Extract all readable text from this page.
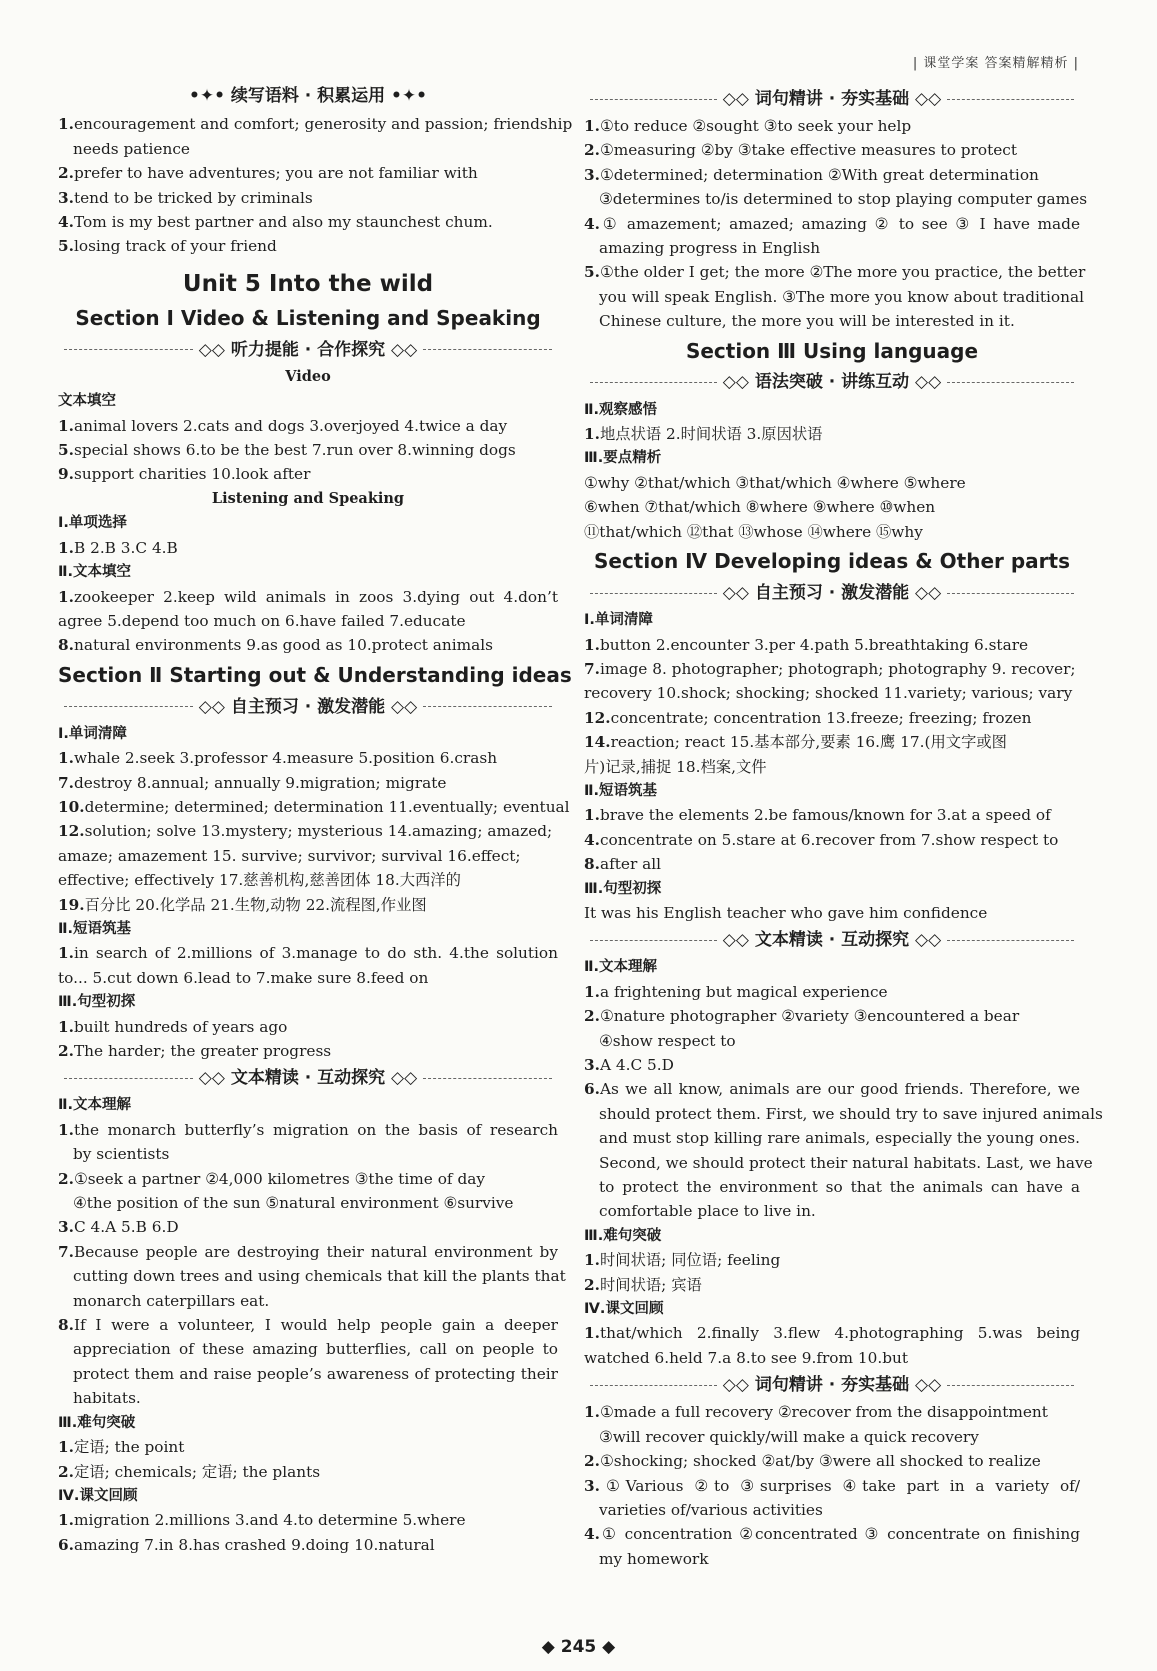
| 课堂学案 答案精解精析 |
•✦• 续写语料 · 积累运用 •✦•
1.encouragement and comfort; generosity and passion; friendship
needs patience
2.prefer to have adventures; you are not familiar with
3.tend to be tricked by criminals
4.Tom is my best partner and also my staunchest chum.
5.losing track of your friend
Unit 5 Into the wild
Section Ⅰ Video & Listening and Speaking
◇◇ 听力提能 · 合作探究 ◇◇
Video
文本填空
1.animal lovers 2.cats and dogs 3.overjoyed 4.twice a day
5.special shows 6.to be the best 7.run over 8.winning dogs
9.support charities 10.look after
Listening and Speaking
Ⅰ.单项选择
1.B 2.B 3.C 4.B
Ⅱ.文本填空
1.zookeeper 2.keep wild animals in zoos 3.dying out 4.don’t
agree 5.depend too much on 6.have failed 7.educate
8.natural environments 9.as good as 10.protect animals
Section Ⅱ Starting out & Understanding ideas
◇◇ 自主预习 · 激发潜能 ◇◇
Ⅰ.单词清障
1.whale 2.seek 3.professor 4.measure 5.position 6.crash
7.destroy 8.annual; annually 9.migration; migrate
10.determine; determined; determination 11.eventually; eventual
12.solution; solve 13.mystery; mysterious 14.amazing; amazed;
amaze; amazement 15. survive; survivor; survival 16.effect;
effective; effectively 17.慈善机构,慈善团体 18.大西洋的
19.百分比 20.化学品 21.生物,动物 22.流程图,作业图
Ⅱ.短语筑基
1.in search of 2.millions of 3.manage to do sth. 4.the solution
to... 5.cut down 6.lead to 7.make sure 8.feed on
Ⅲ.句型初探
1.built hundreds of years ago
2.The harder; the greater progress
◇◇ 文本精读 · 互动探究 ◇◇
Ⅱ.文本理解
1.the monarch butterfly’s migration on the basis of research
by scientists
2.①seek a partner ②4,000 kilometres ③the time of day
④the position of the sun ⑤natural environment ⑥survive
3.C 4.A 5.B 6.D
7.Because people are destroying their natural environment by
cutting down trees and using chemicals that kill the plants that
monarch caterpillars eat.
8.If I were a volunteer, I would help people gain a deeper
appreciation of these amazing butterflies, call on people to
protect them and raise people’s awareness of protecting their
habitats.
Ⅲ.难句突破
1.定语; the point
2.定语; chemicals; 定语; the plants
Ⅳ.课文回顾
1.migration 2.millions 3.and 4.to determine 5.where
6.amazing 7.in 8.has crashed 9.doing 10.natural
◇◇ 词句精讲 · 夯实基础 ◇◇
1.①to reduce ②sought ③to seek your help
2.①measuring ②by ③take effective measures to protect
3.①determined; determination ②With great determination
③determines to/is determined to stop playing computer games
4.① amazement; amazed; amazing ② to see ③ I have made
amazing progress in English
5.①the older I get; the more ②The more you practice, the better
you will speak English. ③The more you know about traditional
Chinese culture, the more you will be interested in it.
Section Ⅲ Using language
◇◇ 语法突破 · 讲练互动 ◇◇
Ⅱ.观察感悟
1.地点状语 2.时间状语 3.原因状语
Ⅲ.要点精析
①why ②that/which ③that/which ④where ⑤where
⑥when ⑦that/which ⑧where ⑨where ⑩when
⑪that/which ⑫that ⑬whose ⑭where ⑮why
Section Ⅳ Developing ideas & Other parts
◇◇ 自主预习 · 激发潜能 ◇◇
Ⅰ.单词清障
1.button 2.encounter 3.per 4.path 5.breathtaking 6.stare
7.image 8. photographer; photograph; photography 9. recover;
recovery 10.shock; shocking; shocked 11.variety; various; vary
12.concentrate; concentration 13.freeze; freezing; frozen
14.reaction; react 15.基本部分,要素 16.鹰 17.(用文字或图
片)记录,捕捉 18.档案,文件
Ⅱ.短语筑基
1.brave the elements 2.be famous/known for 3.at a speed of
4.concentrate on 5.stare at 6.recover from 7.show respect to
8.after all
Ⅲ.句型初探
It was his English teacher who gave him confidence
◇◇ 文本精读 · 互动探究 ◇◇
Ⅱ.文本理解
1.a frightening but magical experience
2.①nature photographer ②variety ③encountered a bear
④show respect to
3.A 4.C 5.D
6.As we all know, animals are our good friends. Therefore, we
should protect them. First, we should try to save injured animals
and must stop killing rare animals, especially the young ones.
Second, we should protect their natural habitats. Last, we have
to protect the environment so that the animals can have a
comfortable place to live in.
Ⅲ.难句突破
1.时间状语; 同位语; feeling
2.时间状语; 宾语
Ⅳ.课文回顾
1.that/which 2.finally 3.flew 4.photographing 5.was being
watched 6.held 7.a 8.to see 9.from 10.but
◇◇ 词句精讲 · 夯实基础 ◇◇
1.①made a full recovery ②recover from the disappointment
③will recover quickly/will make a quick recovery
2.①shocking; shocked ②at/by ③were all shocked to realize
3.①Various ②to ③surprises ④take part in a variety of/
varieties of/various activities
4.① concentration ②concentrated ③ concentrate on finishing
my homework
◆ 245 ◆
